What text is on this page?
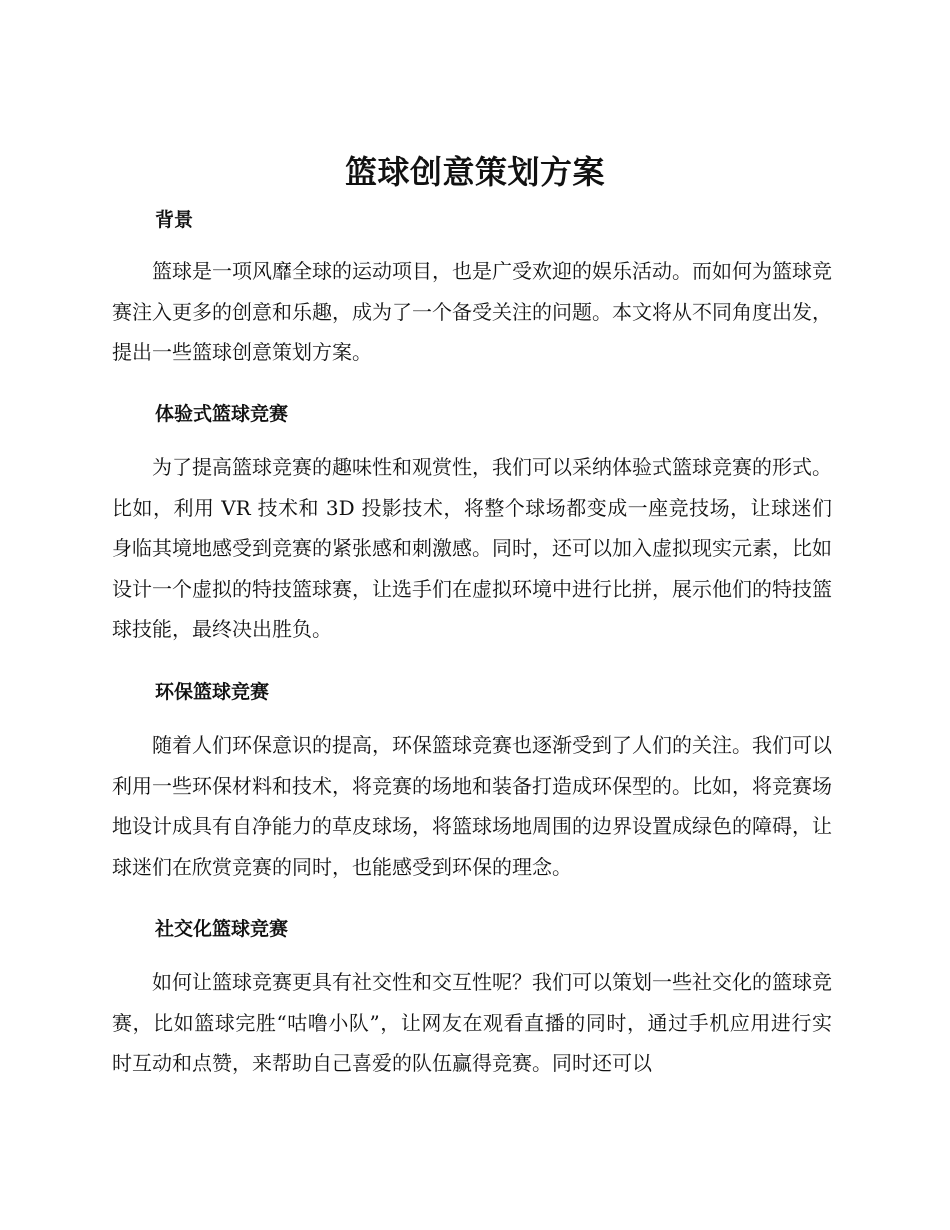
篮球创意策划方案
背景

篮球是一项风靡全球的运动项目，也是广受欢迎的娱乐活动。而如何为篮球竞赛注入更多的创意和乐趣，成为了一个备受关注的问题。本文将从不同角度出发，提出一些篮球创意策划方案。

体验式篮球竞赛

为了提高篮球竞赛的趣味性和观赏性，我们可以采纳体验式篮球竞赛的形式。比如，利用 VR 技术和 3D 投影技术，将整个球场都变成一座竞技场，让球迷们身临其境地感受到竞赛的紧张感和刺激感。同时，还可以加入虚拟现实元素，比如设计一个虚拟的特技篮球赛，让选手们在虚拟环境中进行比拼，展示他们的特技篮球技能，最终决出胜负。

环保篮球竞赛

随着人们环保意识的提高，环保篮球竞赛也逐渐受到了人们的关注。我们可以利用一些环保材料和技术，将竞赛的场地和装备打造成环保型的。比如，将竞赛场地设计成具有自净能力的草皮球场，将篮球场地周围的边界设置成绿色的障碍，让球迷们在欣赏竞赛的同时，也能感受到环保的理念。

社交化篮球竞赛

如何让篮球竞赛更具有社交性和交互性呢？我们可以策划一些社交化的篮球竞赛，比如篮球完胜“咕噜小队”，让网友在观看直播的同时，通过手机应用进行实时互动和点赞，来帮助自己喜爱的队伍赢得竞赛。同时还可以
